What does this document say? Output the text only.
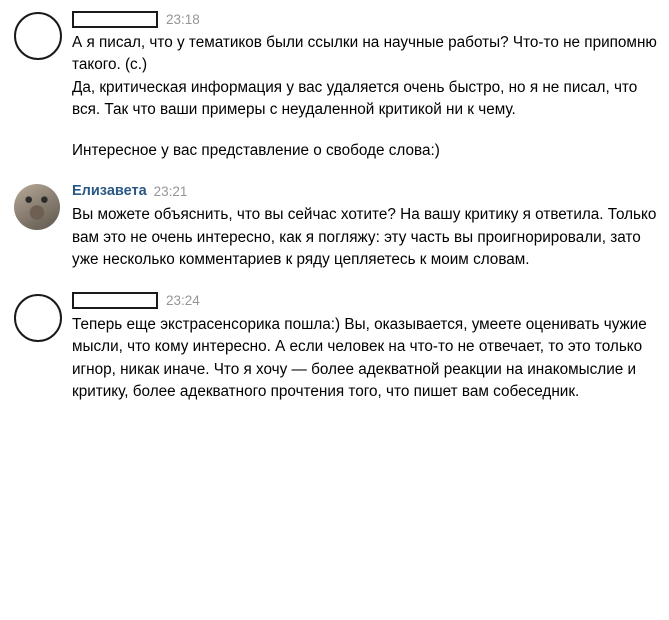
23:18

А я писал, что у тематиков были ссылки на научные работы? Что-то не припомню такого. (с.)

Да, критическая информация у вас удаляется очень быстро, но я не писал, что вся. Так что ваши примеры с неудаленной критикой ни к чему.

Интересное у вас представление о свободе слова:)

Елизавета 23:21

Вы можете объяснить, что вы сейчас хотите? На вашу критику я ответила. Только вам это не очень интересно, как я погляжу: эту часть вы проигнорировали, зато уже несколько комментариев к ряду цепляетесь к моим словам.

23:24

Теперь еще экстрасенсорика пошла:) Вы, оказывается, умеете оценивать чужие мысли, что кому интересно. А если человек на что-то не отвечает, то это только игнор, никак иначе. Что я хочу — более адекватной реакции на инакомыслие и критику, более адекватного прочтения того, что пишет вам собеседник.
